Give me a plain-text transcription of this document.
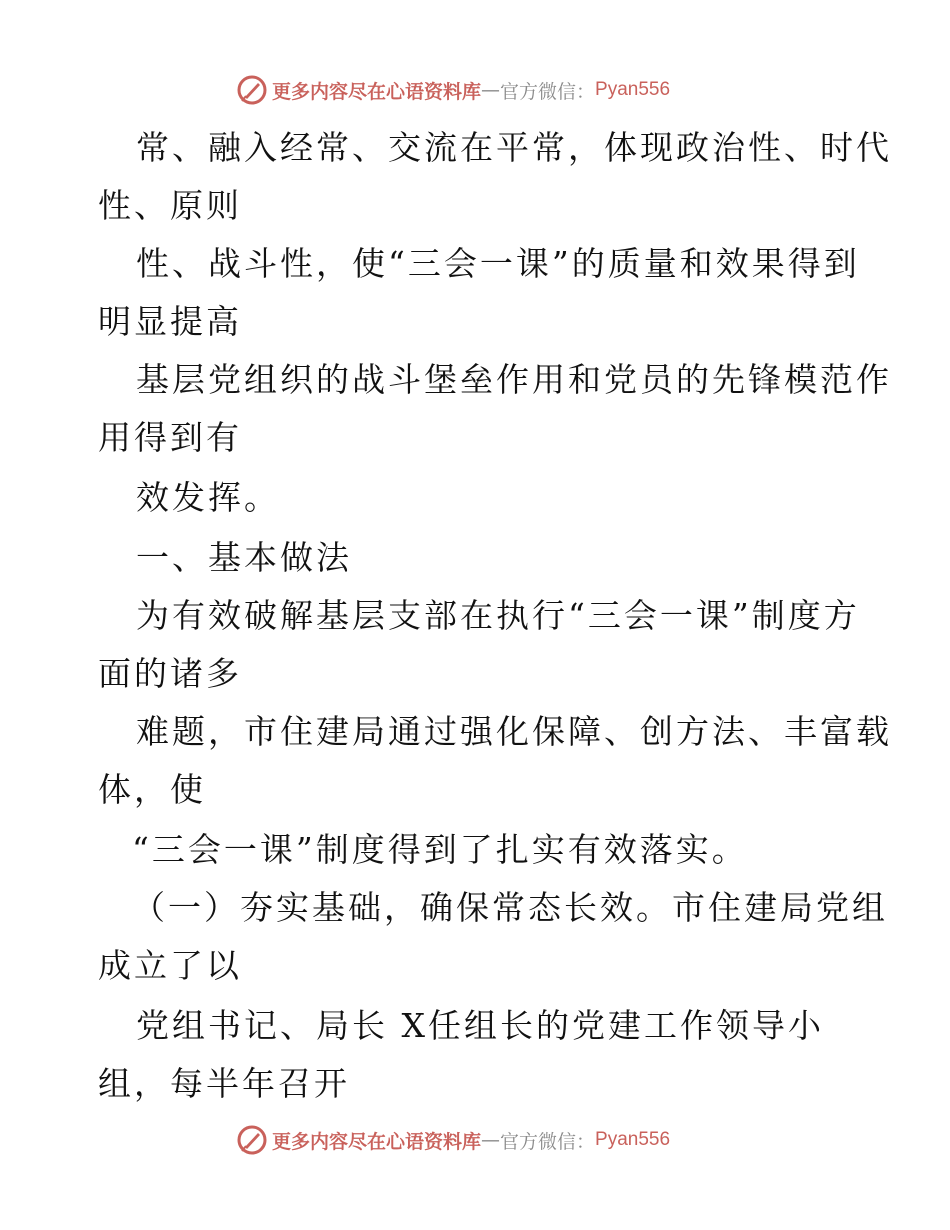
更多内容尽在心语资料库 — 官方微信： Pyan556
常、融入经常、交流在平常，体现政治性、时代
性、原则
性、战斗性，使“三会一课”的质量和效果得到
明显提高
基层党组织的战斗堡垒作用和党员的先锋模范作
用得到有
效发挥。
一、基本做法
为有效破解基层支部在执行“三会一课”制度方
面的诸多
难题，市住建局通过强化保障、创方法、丰富载
体，使
“三会一课”制度得到了扎实有效落实。
（一）夯实基础，确保常态长效。市住建局党组
成立了以
党组书记、局长 X任组长的党建工作领导小
组，每半年召开
更多内容尽在心语资料库 — 官方微信： Pyan556
